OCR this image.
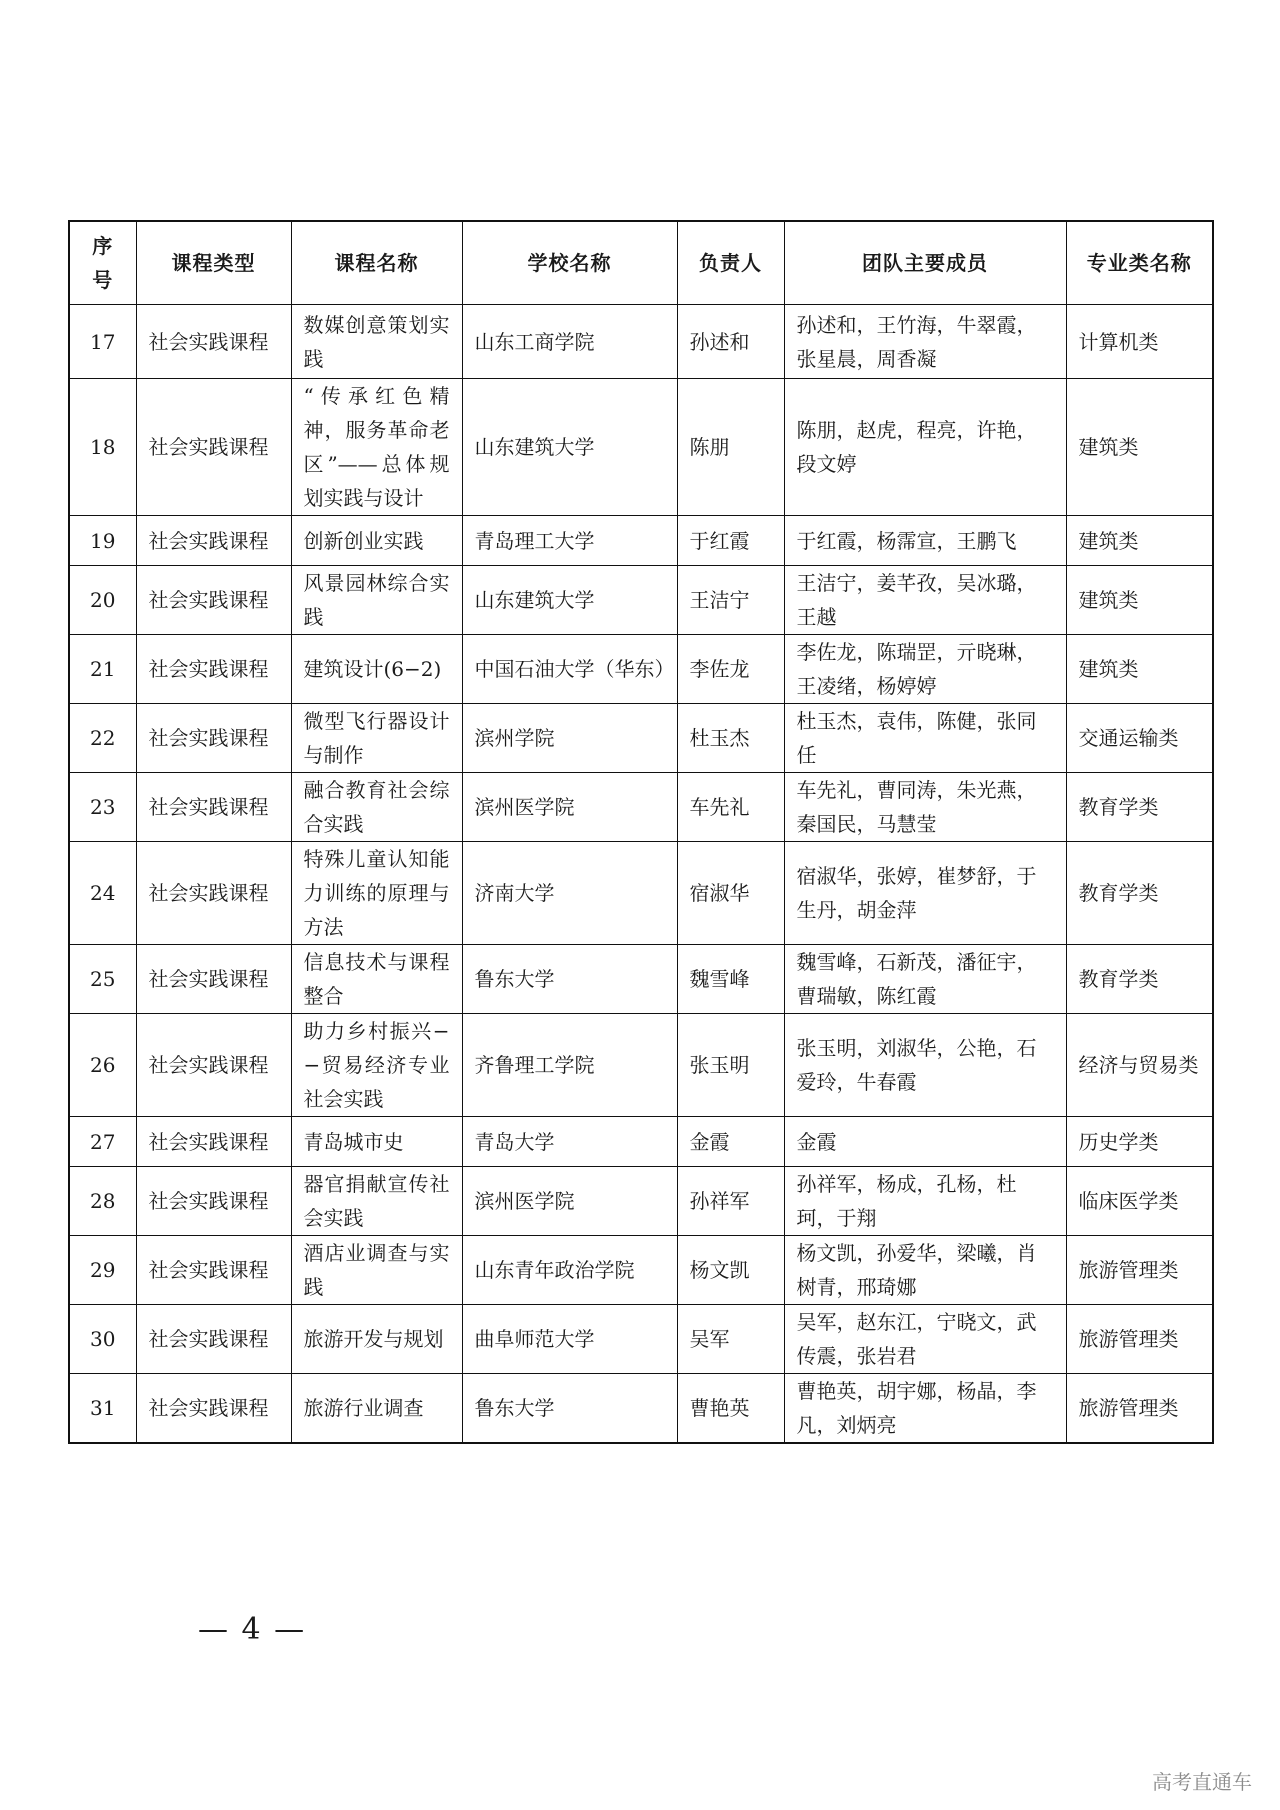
序号	课程类型	课程名称	学校名称	负责人	团队主要成员	专业类名称
17	社会实践课程	数媒创意策划实践	山东工商学院	孙述和	孙述和，王竹海，牛翠霞，张星晨，周香凝	计算机类
18	社会实践课程	“传承红色精神，服务革命老区”——总体规划实践与设计	山东建筑大学	陈朋	陈朋，赵虎，程亮，许艳，段文婷	建筑类
19	社会实践课程	创新创业实践	青岛理工大学	于红霞	于红霞，杨霈宣，王鹏飞	建筑类
20	社会实践课程	风景园林综合实践	山东建筑大学	王洁宁	王洁宁，姜芊孜，吴冰璐，王越	建筑类
21	社会实践课程	建筑设计(6−2)	中国石油大学（华东）	李佐龙	李佐龙，陈瑞罡，亓晓琳，王凌绪，杨婷婷	建筑类
22	社会实践课程	微型飞行器设计与制作	滨州学院	杜玉杰	杜玉杰，袁伟，陈健，张同任	交通运输类
23	社会实践课程	融合教育社会综合实践	滨州医学院	车先礼	车先礼，曹同涛，朱光燕，秦国民，马慧莹	教育学类
24	社会实践课程	特殊儿童认知能力训练的原理与方法	济南大学	宿淑华	宿淑华，张婷，崔梦舒，于生丹，胡金萍	教育学类
25	社会实践课程	信息技术与课程整合	鲁东大学	魏雪峰	魏雪峰，石新茂，潘征宇，曹瑞敏，陈红霞	教育学类
26	社会实践课程	助力乡村振兴−−贸易经济专业社会实践	齐鲁理工学院	张玉明	张玉明，刘淑华，公艳，石爱玲，牛春霞	经济与贸易类
27	社会实践课程	青岛城市史	青岛大学	金霞	金霞	历史学类
28	社会实践课程	器官捐献宣传社会实践	滨州医学院	孙祥军	孙祥军，杨成，孔杨，杜珂，于翔	临床医学类
29	社会实践课程	酒店业调查与实践	山东青年政治学院	杨文凯	杨文凯，孙爱华，梁曦，肖树青，邢琦娜	旅游管理类
30	社会实践课程	旅游开发与规划	曲阜师范大学	吴军	吴军，赵东江，宁晓文，武传震，张岩君	旅游管理类
31	社会实践课程	旅游行业调查	鲁东大学	曹艳英	曹艳英，胡宇娜，杨晶，李凡，刘炳亮	旅游管理类
— 4 —
高考直通车
